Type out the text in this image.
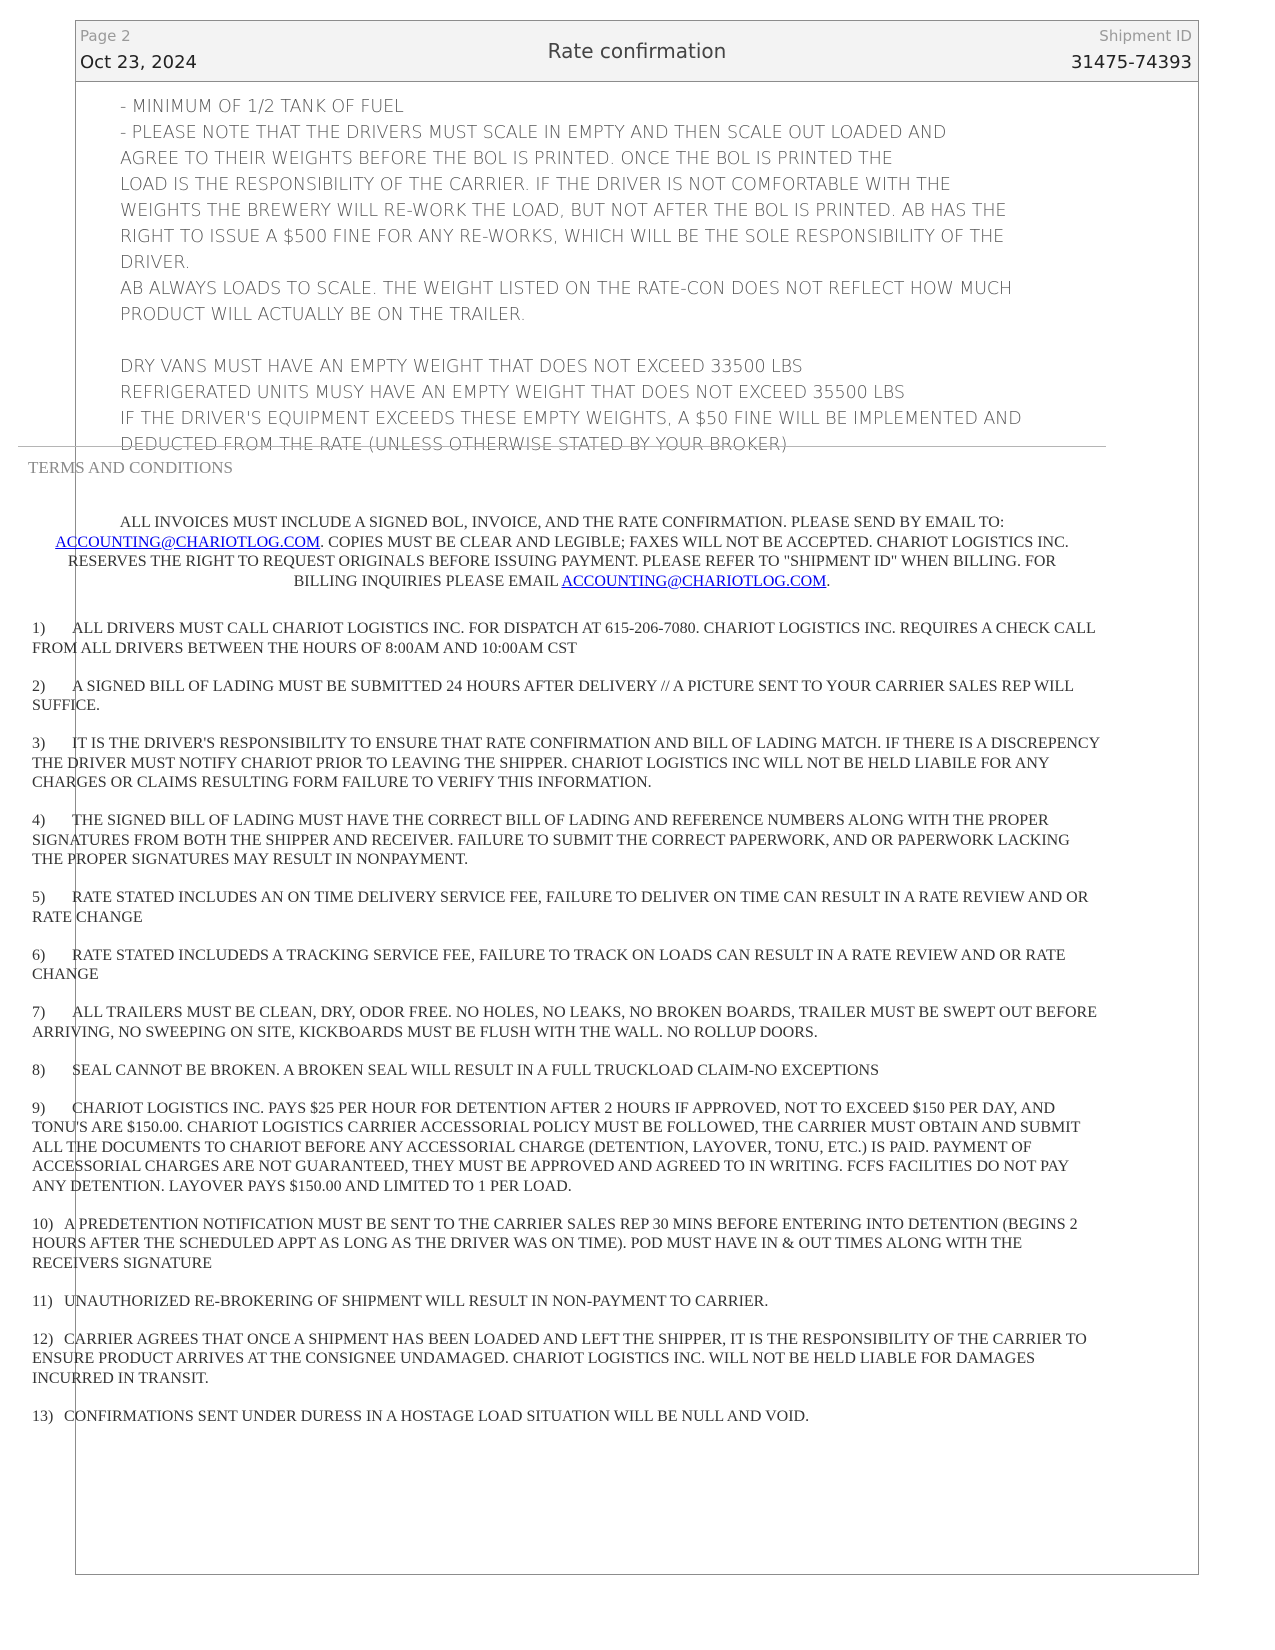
Page 2
Oct 23, 2024	Rate confirmation
Shipment ID
31475-74393
- MINIMUM OF 1/2 TANK OF FUEL
- PLEASE NOTE THAT THE DRIVERS MUST SCALE IN EMPTY AND THEN SCALE OUT LOADED AND
AGREE TO THEIR WEIGHTS BEFORE THE BOL IS PRINTED. ONCE THE BOL IS PRINTED THE
LOAD IS THE RESPONSIBILITY OF THE CARRIER. IF THE DRIVER IS NOT COMFORTABLE WITH THE
WEIGHTS THE BREWERY WILL RE-WORK THE LOAD, BUT NOT AFTER THE BOL IS PRINTED. AB HAS THE
RIGHT TO ISSUE A $500 FINE FOR ANY RE-WORKS, WHICH WILL BE THE SOLE RESPONSIBILITY OF THE
DRIVER.
AB ALWAYS LOADS TO SCALE. THE WEIGHT LISTED ON THE RATE-CON DOES NOT REFLECT HOW MUCH
PRODUCT WILL ACTUALLY BE ON THE TRAILER.
DRY VANS MUST HAVE AN EMPTY WEIGHT THAT DOES NOT EXCEED 33500 LBS
REFRIGERATED UNITS MUSY HAVE AN EMPTY WEIGHT THAT DOES NOT EXCEED 35500 LBS
IF THE DRIVER'S EQUIPMENT EXCEEDS THESE EMPTY WEIGHTS, A $50 FINE WILL BE IMPLEMENTED AND
DEDUCTED FROM THE RATE (UNLESS OTHERWISE STATED BY YOUR BROKER)
TERMS AND CONDITIONS
ALL INVOICES MUST INCLUDE A SIGNED BOL, INVOICE, AND THE RATE CONFIRMATION. PLEASE SEND BY EMAIL TO: ACCOUNTING@CHARIOTLOG.COM. COPIES MUST BE CLEAR AND LEGIBLE; FAXES WILL NOT BE ACCEPTED. CHARIOT LOGISTICS INC. RESERVES THE RIGHT TO REQUEST ORIGINALS BEFORE ISSUING PAYMENT. PLEASE REFER TO "SHIPMENT ID" WHEN BILLING. FOR BILLING INQUIRIES PLEASE EMAIL ACCOUNTING@CHARIOTLOG.COM.
1) ALL DRIVERS MUST CALL CHARIOT LOGISTICS INC. FOR DISPATCH AT 615-206-7080. CHARIOT LOGISTICS INC. REQUIRES A CHECK CALL FROM ALL DRIVERS BETWEEN THE HOURS OF 8:00AM AND 10:00AM CST
2) A SIGNED BILL OF LADING MUST BE SUBMITTED 24 HOURS AFTER DELIVERY // A PICTURE SENT TO YOUR CARRIER SALES REP WILL SUFFICE.
3) IT IS THE DRIVER'S RESPONSIBILITY TO ENSURE THAT RATE CONFIRMATION AND BILL OF LADING MATCH. IF THERE IS A DISCREPENCY THE DRIVER MUST NOTIFY CHARIOT PRIOR TO LEAVING THE SHIPPER. CHARIOT LOGISTICS INC WILL NOT BE HELD LIABILE FOR ANY CHARGES OR CLAIMS RESULTING FORM FAILURE TO VERIFY THIS INFORMATION.
4) THE SIGNED BILL OF LADING MUST HAVE THE CORRECT BILL OF LADING AND REFERENCE NUMBERS ALONG WITH THE PROPER SIGNATURES FROM BOTH THE SHIPPER AND RECEIVER. FAILURE TO SUBMIT THE CORRECT PAPERWORK, AND OR PAPERWORK LACKING THE PROPER SIGNATURES MAY RESULT IN NONPAYMENT.
5) RATE STATED INCLUDES AN ON TIME DELIVERY SERVICE FEE, FAILURE TO DELIVER ON TIME CAN RESULT IN A RATE REVIEW AND OR RATE CHANGE
6) RATE STATED INCLUDEDS A TRACKING SERVICE FEE, FAILURE TO TRACK ON LOADS CAN RESULT IN A RATE REVIEW AND OR RATE CHANGE
7) ALL TRAILERS MUST BE CLEAN, DRY, ODOR FREE. NO HOLES, NO LEAKS, NO BROKEN BOARDS, TRAILER MUST BE SWEPT OUT BEFORE ARRIVING, NO SWEEPING ON SITE, KICKBOARDS MUST BE FLUSH WITH THE WALL. NO ROLLUP DOORS.
8) SEAL CANNOT BE BROKEN. A BROKEN SEAL WILL RESULT IN A FULL TRUCKLOAD CLAIM-NO EXCEPTIONS
9) CHARIOT LOGISTICS INC. PAYS $25 PER HOUR FOR DETENTION AFTER 2 HOURS IF APPROVED, NOT TO EXCEED $150 PER DAY, AND TONU'S ARE $150.00. CHARIOT LOGISTICS CARRIER ACCESSORIAL POLICY MUST BE FOLLOWED, THE CARRIER MUST OBTAIN AND SUBMIT ALL THE DOCUMENTS TO CHARIOT BEFORE ANY ACCESSORIAL CHARGE (DETENTION, LAYOVER, TONU, ETC.) IS PAID. PAYMENT OF ACCESSORIAL CHARGES ARE NOT GUARANTEED, THEY MUST BE APPROVED AND AGREED TO IN WRITING. FCFS FACILITIES DO NOT PAY ANY DETENTION. LAYOVER PAYS $150.00 AND LIMITED TO 1 PER LOAD.
10) A PREDETENTION NOTIFICATION MUST BE SENT TO THE CARRIER SALES REP 30 MINS BEFORE ENTERING INTO DETENTION (BEGINS 2 HOURS AFTER THE SCHEDULED APPT AS LONG AS THE DRIVER WAS ON TIME). POD MUST HAVE IN & OUT TIMES ALONG WITH THE RECEIVERS SIGNATURE
11) UNAUTHORIZED RE-BROKERING OF SHIPMENT WILL RESULT IN NON-PAYMENT TO CARRIER.
12) CARRIER AGREES THAT ONCE A SHIPMENT HAS BEEN LOADED AND LEFT THE SHIPPER, IT IS THE RESPONSIBILITY OF THE CARRIER TO ENSURE PRODUCT ARRIVES AT THE CONSIGNEE UNDAMAGED. CHARIOT LOGISTICS INC. WILL NOT BE HELD LIABLE FOR DAMAGES INCURRED IN TRANSIT.
13) CONFIRMATIONS SENT UNDER DURESS IN A HOSTAGE LOAD SITUATION WILL BE NULL AND VOID.
